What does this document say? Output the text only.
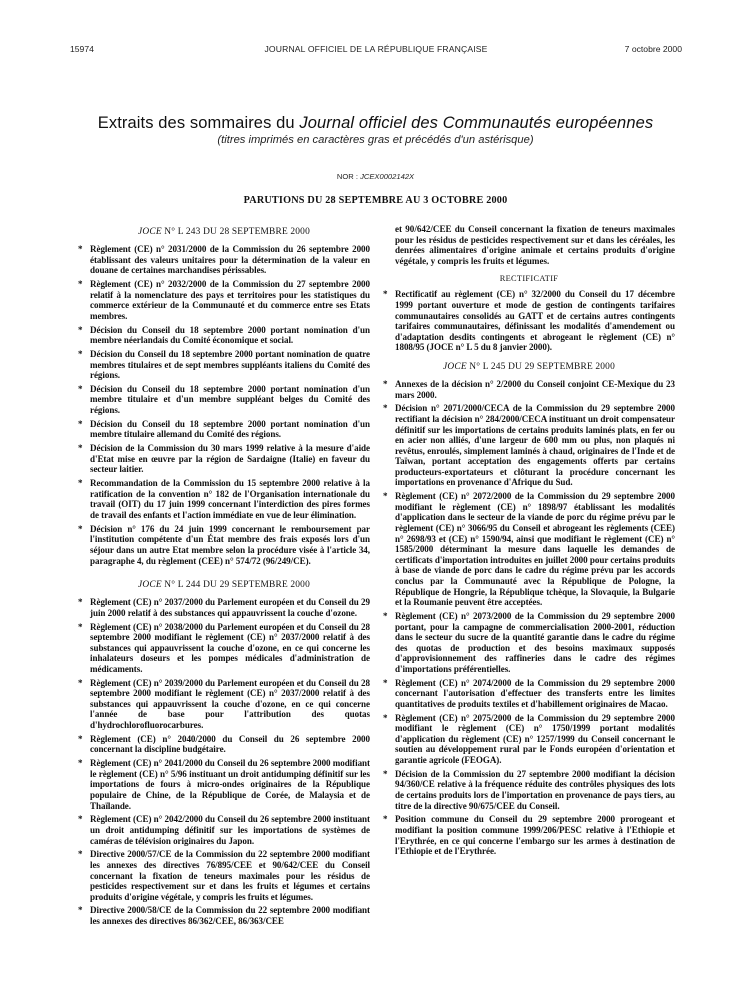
15974	JOURNAL OFFICIEL DE LA RÉPUBLIQUE FRANÇAISE	7 octobre 2000
Extraits des sommaires du Journal officiel des Communautés européennes
(titres imprimés en caractères gras et précédés d'un astérisque)
NOR : JCEX0002142X
PARUTIONS DU 28 SEPTEMBRE AU 3 OCTOBRE 2000
JOCE N° L 243 DU 28 SEPTEMBRE 2000
* Règlement (CE) n° 2031/2000 de la Commission du 26 septembre 2000 établissant des valeurs unitaires pour la détermination de la valeur en douane de certaines marchandises périssables.
* Règlement (CE) n° 2032/2000 de la Commission du 27 septembre 2000 relatif à la nomenclature des pays et territoires pour les statistiques du commerce extérieur de la Communauté et du commerce entre ses Etats membres.
* Décision du Conseil du 18 septembre 2000 portant nomination d'un membre néerlandais du Comité économique et social.
* Décision du Conseil du 18 septembre 2000 portant nomination de quatre membres titulaires et de sept membres suppléants italiens du Comité des régions.
* Décision du Conseil du 18 septembre 2000 portant nomination d'un membre titulaire et d'un membre suppléant belges du Comité des régions.
* Décision du Conseil du 18 septembre 2000 portant nomination d'un membre titulaire allemand du Comité des régions.
* Décision de la Commission du 30 mars 1999 relative à la mesure d'aide d'Etat mise en œuvre par la région de Sardaigne (Italie) en faveur du secteur laitier.
* Recommandation de la Commission du 15 septembre 2000 relative à la ratification de la convention n° 182 de l'Organisation internationale du travail (OIT) du 17 juin 1999 concernant l'interdiction des pires formes de travail des enfants et l'action immédiate en vue de leur élimination.
* Décision n° 176 du 24 juin 1999 concernant le remboursement par l'institution compétente d'un État membre des frais exposés lors d'un séjour dans un autre Etat membre selon la procédure visée à l'article 34, paragraphe 4, du règlement (CEE) n° 574/72 (96/249/CE).
JOCE N° L 244 DU 29 SEPTEMBRE 2000
* Règlement (CE) n° 2037/2000 du Parlement européen et du Conseil du 29 juin 2000 relatif à des substances qui appauvrissent la couche d'ozone.
* Règlement (CE) n° 2038/2000 du Parlement européen et du Conseil du 28 septembre 2000 modifiant le règlement (CE) n° 2037/2000 relatif à des substances qui appauvrissent la couche d'ozone, en ce qui concerne les inhalateurs doseurs et les pompes médicales d'administration de médicaments.
* Règlement (CE) n° 2039/2000 du Parlement européen et du Conseil du 28 septembre 2000 modifiant le règlement (CE) n° 2037/2000 relatif à des substances qui appauvrissent la couche d'ozone, en ce qui concerne l'année de base pour l'attribution des quotas d'hydrochlorofluorocarbures.
* Règlement (CE) n° 2040/2000 du Conseil du 26 septembre 2000 concernant la discipline budgétaire.
* Règlement (CE) n° 2041/2000 du Conseil du 26 septembre 2000 modifiant le règlement (CE) n° 5/96 instituant un droit antidumping définitif sur les importations de fours à micro-ondes originaires de la République populaire de Chine, de la République de Corée, de Malaysia et de Thaïlande.
* Règlement (CE) n° 2042/2000 du Conseil du 26 septembre 2000 instituant un droit antidumping définitif sur les importations de systèmes de caméras de télévision originaires du Japon.
* Directive 2000/57/CE de la Commission du 22 septembre 2000 modifiant les annexes des directives 76/895/CEE et 90/642/CEE du Conseil concernant la fixation de teneurs maximales pour les résidus de pesticides respectivement sur et dans les fruits et légumes et certains produits d'origine végétale, y compris les fruits et légumes.
* Directive 2000/58/CE de la Commission du 22 septembre 2000 modifiant les annexes des directives 86/362/CEE, 86/363/CEE
et 90/642/CEE du Conseil concernant la fixation de teneurs maximales pour les résidus de pesticides respectivement sur et dans les céréales, les denrées alimentaires d'origine animale et certains produits d'origine végétale, y compris les fruits et légumes.
RECTIFICATIF
* Rectificatif au règlement (CE) n° 32/2000 du Conseil du 17 décembre 1999 portant ouverture et mode de gestion de contingents tarifaires communautaires consolidés au GATT et de certains autres contingents tarifaires communautaires, définissant les modalités d'amendement ou d'adaptation desdits contingents et abrogeant le règlement (CE) n° 1808/95 (JOCE n° L 5 du 8 janvier 2000).
JOCE N° L 245 DU 29 SEPTEMBRE 2000
* Annexes de la décision n° 2/2000 du Conseil conjoint CE-Mexique du 23 mars 2000.
* Décision n° 2071/2000/CECA de la Commission du 29 septembre 2000 rectifiant la décision n° 284/2000/CECA instituant un droit compensateur définitif sur les importations de certains produits laminés plats, en fer ou en acier non alliés, d'une largeur de 600 mm ou plus, non plaqués ni revêtus, enroulés, simplement laminés à chaud, originaires de l'Inde et de Taïwan, portant acceptation des engagements offerts par certains producteurs-exportateurs et clôturant la procédure concernant les importations en provenance d'Afrique du Sud.
* Règlement (CE) n° 2072/2000 de la Commission du 29 septembre 2000 modifiant le règlement (CE) n° 1898/97 établissant les modalités d'application dans le secteur de la viande de porc du régime prévu par le règlement (CE) n° 3066/95 du Conseil et abrogeant les règlements (CEE) n° 2698/93 et (CE) n° 1590/94, ainsi que modifiant le règlement (CE) n° 1585/2000 déterminant la mesure dans laquelle les demandes de certificats d'importation introduites en juillet 2000 pour certains produits à base de viande de porc dans le cadre du régime prévu par les accords conclus par la Communauté avec la République de Pologne, la République de Hongrie, la République tchèque, la Slovaquie, la Bulgarie et la Roumanie peuvent être acceptées.
* Règlement (CE) n° 2073/2000 de la Commission du 29 septembre 2000 portant, pour la campagne de commercialisation 2000-2001, réduction dans le secteur du sucre de la quantité garantie dans le cadre du régime des quotas de production et des besoins maximaux supposés d'approvisionnement des raffineries dans le cadre des régimes d'importations préférentielles.
* Règlement (CE) n° 2074/2000 de la Commission du 29 septembre 2000 concernant l'autorisation d'effectuer des transferts entre les limites quantitatives de produits textiles et d'habillement originaires de Macao.
* Règlement (CE) n° 2075/2000 de la Commission du 29 septembre 2000 modifiant le règlement (CE) n° 1750/1999 portant modalités d'application du règlement (CE) n° 1257/1999 du Conseil concernant le soutien au développement rural par le Fonds européen d'orientation et garantie agricole (FEOGA).
* Décision de la Commission du 27 septembre 2000 modifiant la décision 94/360/CE relative à la fréquence réduite des contrôles physiques des lots de certains produits lors de l'importation en provenance de pays tiers, au titre de la directive 90/675/CEE du Conseil.
* Position commune du Conseil du 29 septembre 2000 prorogeant et modifiant la position commune 1999/206/PESC relative à l'Ethiopie et l'Erythrée, en ce qui concerne l'embargo sur les armes à destination de l'Ethiopie et de l'Erythrée.
